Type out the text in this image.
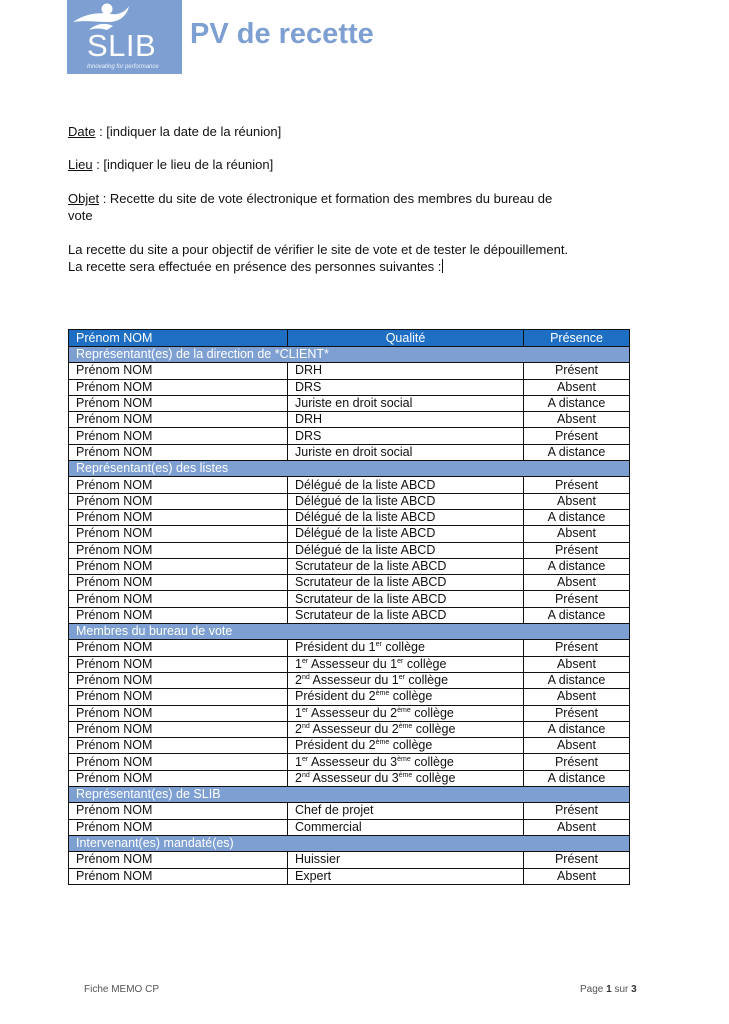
SLIB
Innovating for performance
PV de recette
Date : [indiquer la date de la réunion]
Lieu : [indiquer le lieu de la réunion]
Objet : Recette du site de vote électronique et formation des membres du bureau de
vote
La recette du site a pour objectif de vérifier le site de vote et de tester le dépouillement.
La recette sera effectuée en présence des personnes suivantes :
Prénom NOM	Qualité	Présence
Représentant(es) de la direction de *CLIENT*		
Prénom NOM	DRH	Présent
Prénom NOM	DRS	Absent
Prénom NOM	Juriste en droit social	A distance
Prénom NOM	DRH	Absent
Prénom NOM	DRS	Présent
Prénom NOM	Juriste en droit social	A distance
Représentant(es) des listes		
Prénom NOM	Délégué de la liste ABCD	Présent
Prénom NOM	Délégué de la liste ABCD	Absent
Prénom NOM	Délégué de la liste ABCD	A distance
Prénom NOM	Délégué de la liste ABCD	Absent
Prénom NOM	Délégué de la liste ABCD	Présent
Prénom NOM	Scrutateur de la liste ABCD	A distance
Prénom NOM	Scrutateur de la liste ABCD	Absent
Prénom NOM	Scrutateur de la liste ABCD	Présent
Prénom NOM	Scrutateur de la liste ABCD	A distance
Membres du bureau de vote		
Prénom NOM	Président du 1er collège	Présent
Prénom NOM	1er Assesseur du 1er collège	Absent
Prénom NOM	2nd Assesseur du 1er collège	A distance
Prénom NOM	Président du 2ème collège	Absent
Prénom NOM	1er Assesseur du 2ème collège	Présent
Prénom NOM	2nd Assesseur du 2ème collège	A distance
Prénom NOM	Président du 2ème collège	Absent
Prénom NOM	1er Assesseur du 3ème collège	Présent
Prénom NOM	2nd Assesseur du 3ème collège	A distance
Représentant(es) de SLIB		
Prénom NOM	Chef de projet	Présent
Prénom NOM	Commercial	Absent
Intervenant(es) mandaté(es)		
Prénom NOM	Huissier	Présent
Prénom NOM	Expert	Absent
Fiche MEMO CP	Page 1 sur 3
